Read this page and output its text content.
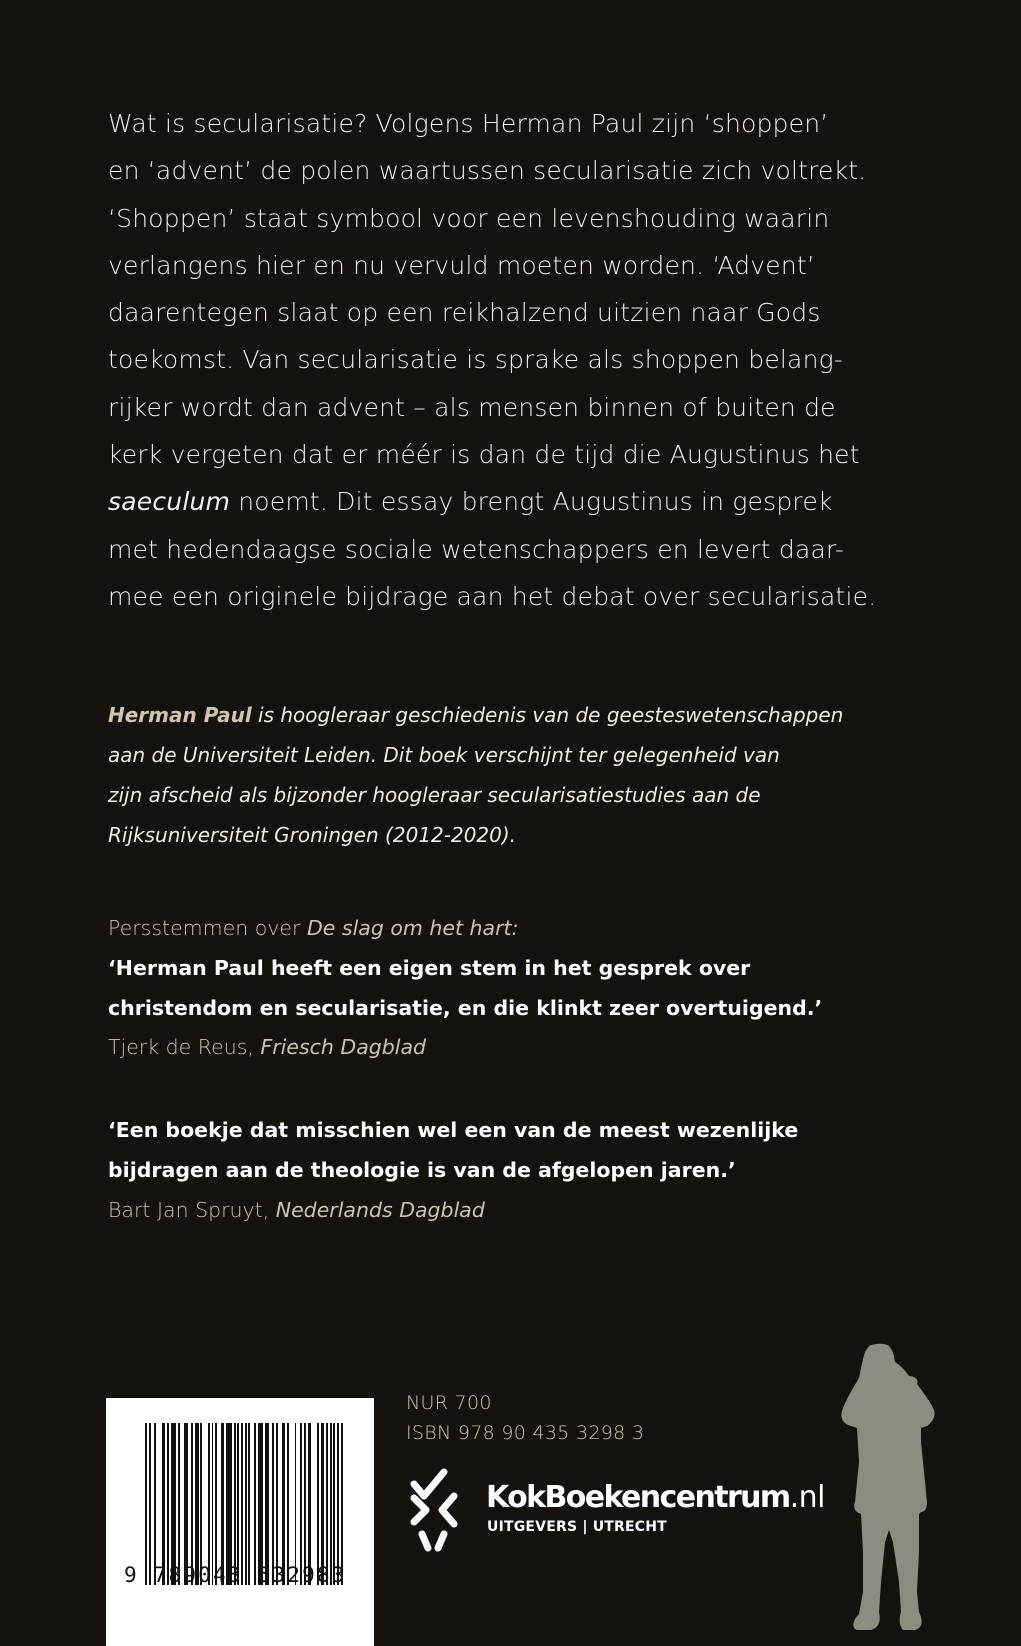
Wat is secularisatie? Volgens Herman Paul zijn ‘shoppen’
en ‘advent’ de polen waartussen secularisatie zich voltrekt.
‘Shoppen’ staat symbool voor een levenshouding waarin
verlangens hier en nu vervuld moeten worden. ‘Advent’
daarentegen slaat op een reikhalzend uitzien naar Gods
toekomst. Van secularisatie is sprake als shoppen belang-
rijker wordt dan advent – als mensen binnen of buiten de
kerk vergeten dat er méér is dan de tijd die Augustinus het
saeculum noemt. Dit essay brengt Augustinus in gesprek
met hedendaagse sociale wetenschappers en levert daar-
mee een originele bijdrage aan het debat over secularisatie.
Herman Paul is hoogleraar geschiedenis van de geesteswetenschappen
aan de Universiteit Leiden. Dit boek verschijnt ter gelegenheid van
zijn afscheid als bijzonder hoogleraar secularisatiestudies aan de
Rijksuniversiteit Groningen (2012-2020).
Persstemmen over De slag om het hart:
‘Herman Paul heeft een eigen stem in het gesprek over
christendom en secularisatie, en die klinkt zeer overtuigend.’
Tjerk de Reus, Friesch Dagblad
‘Een boekje dat misschien wel een van de meest wezenlijke
bijdragen aan de theologie is van de afgelopen jaren.’
Bart Jan Spruyt, Nederlands Dagblad
9 789043 532983
NUR 700
ISBN 978 90 435 3298 3
KokBoekencentrum.nl
UITGEVERS | UTRECHT
